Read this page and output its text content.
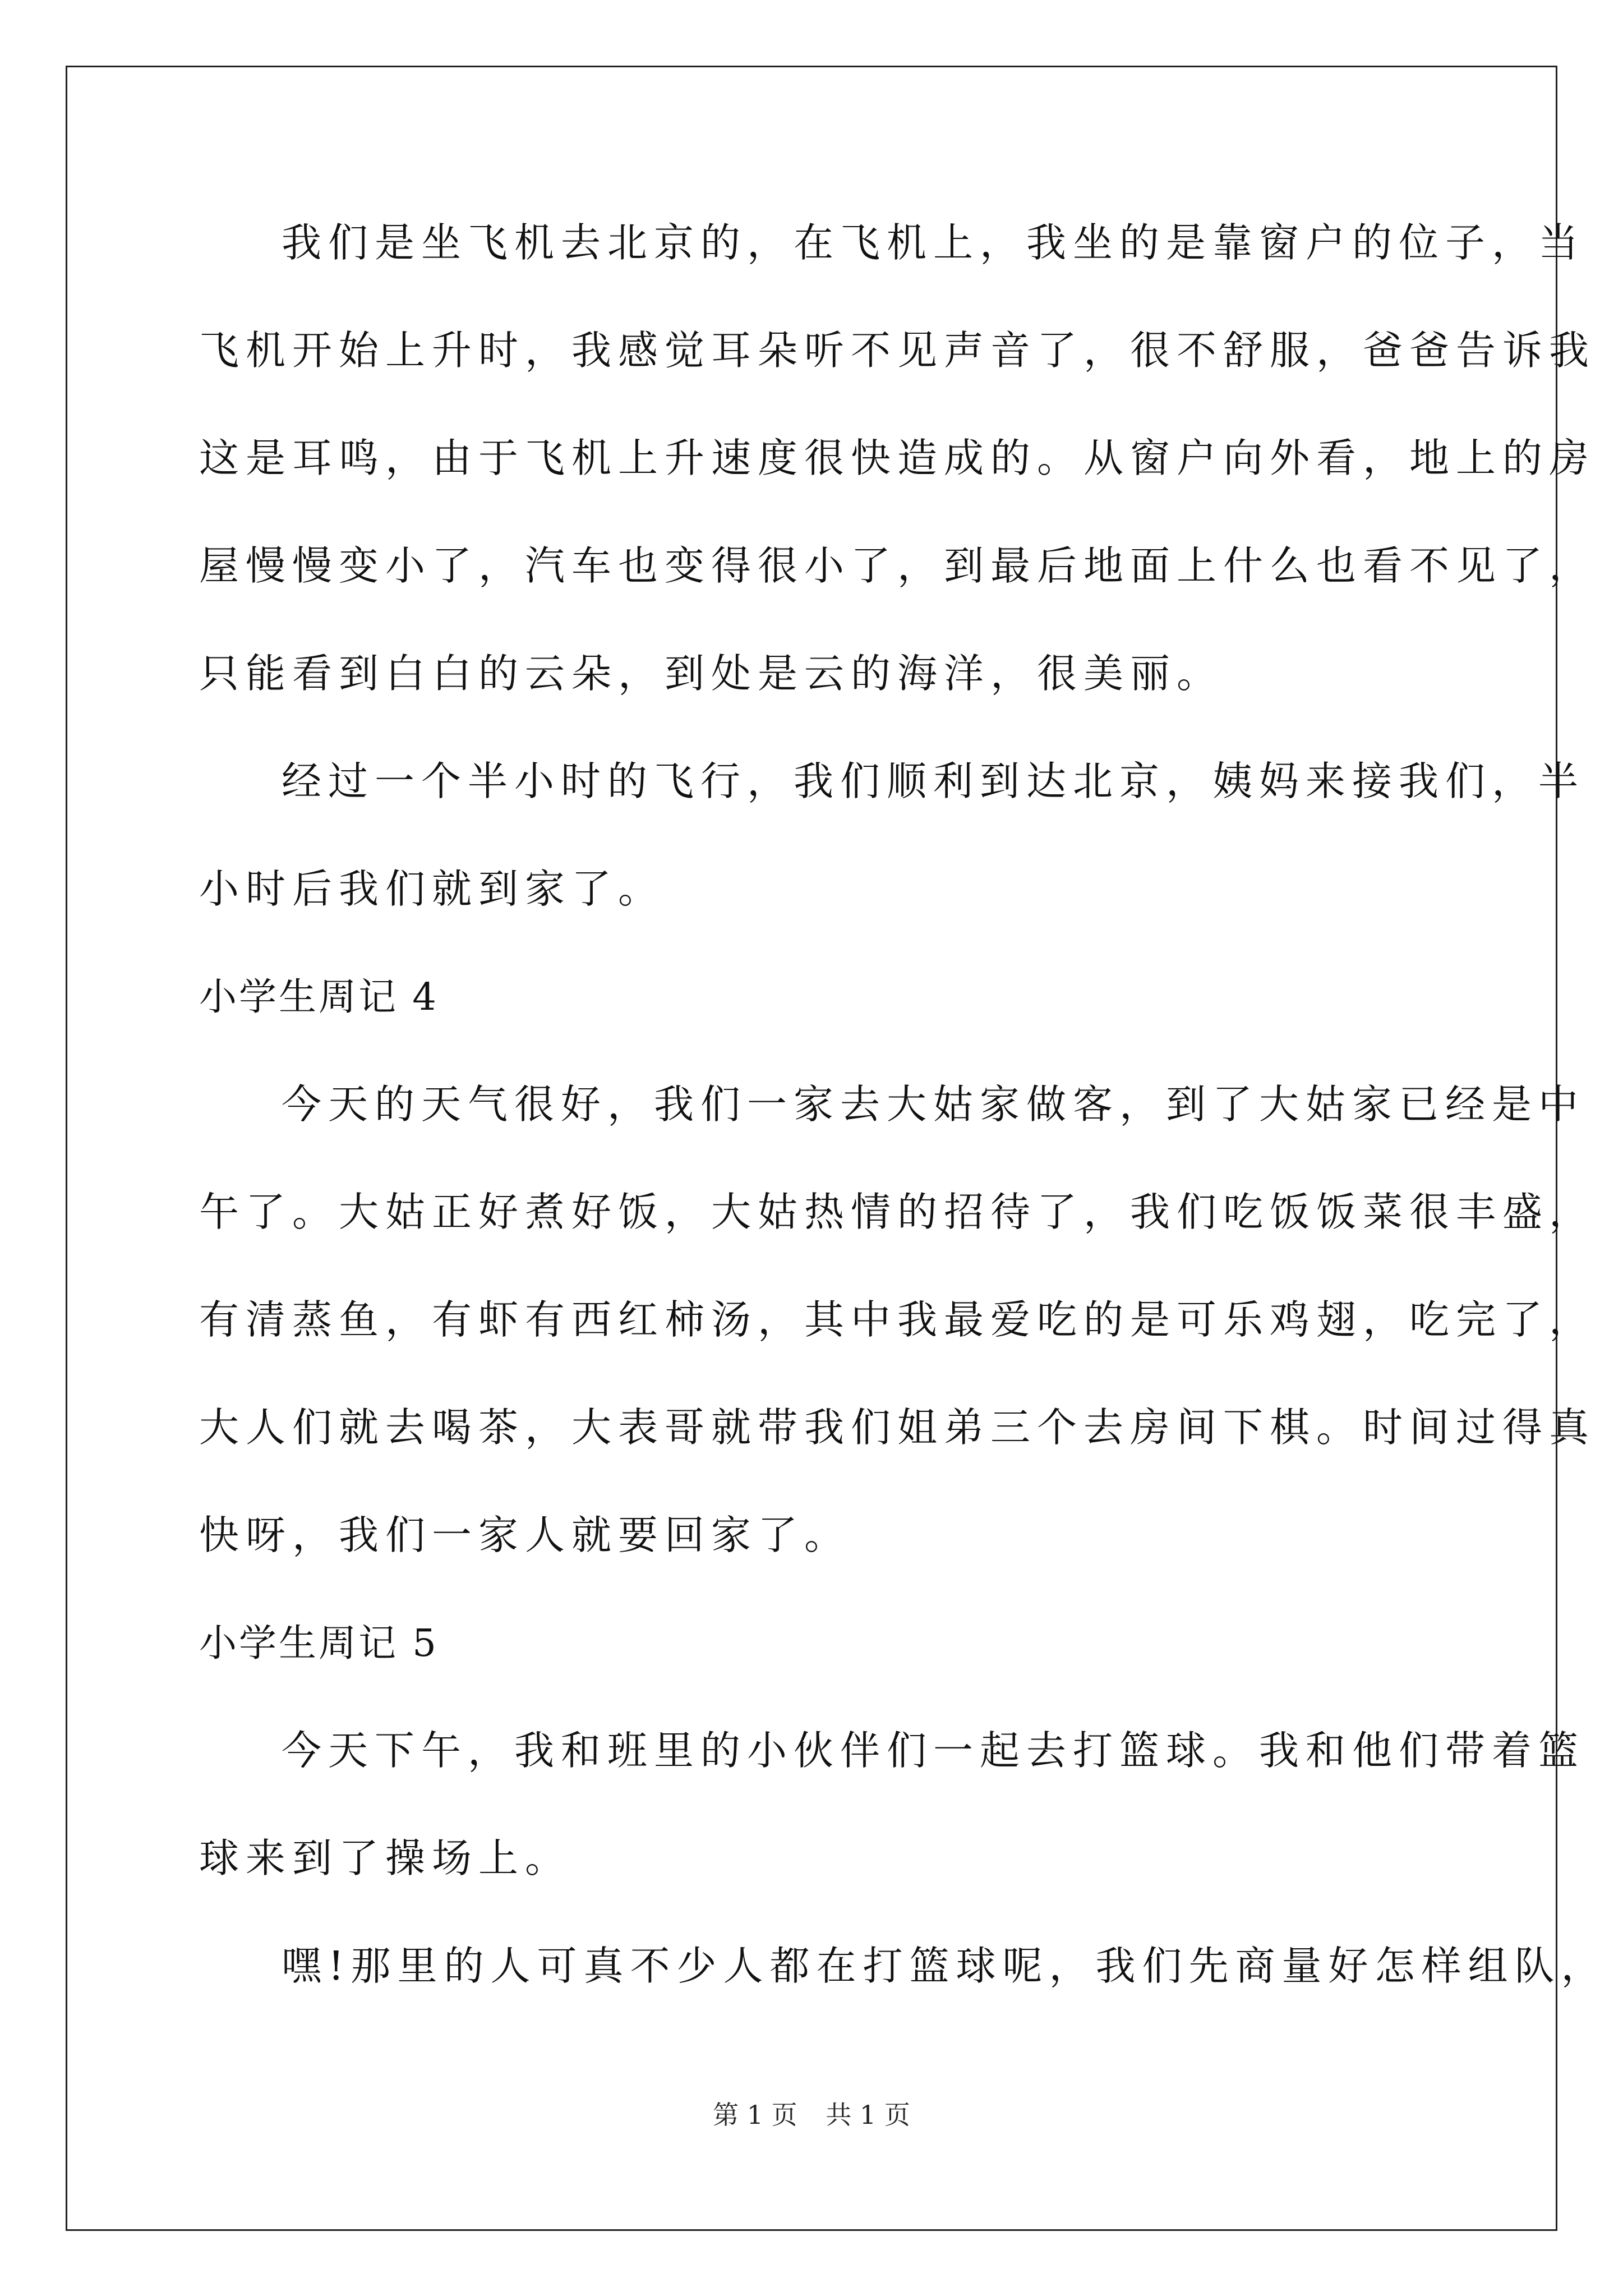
我们是坐飞机去北京的，在飞机上，我坐的是靠窗户的位子，当
飞机开始上升时，我感觉耳朵听不见声音了，很不舒服，爸爸告诉我
这是耳鸣，由于飞机上升速度很快造成的。从窗户向外看，地上的房
屋慢慢变小了，汽车也变得很小了，到最后地面上什么也看不见了，
只能看到白白的云朵，到处是云的海洋，很美丽。
经过一个半小时的飞行，我们顺利到达北京，姨妈来接我们，半
小时后我们就到家了。
小学生周记 4
今天的天气很好，我们一家去大姑家做客，到了大姑家已经是中
午了。大姑正好煮好饭，大姑热情的招待了，我们吃饭饭菜很丰盛，
有清蒸鱼，有虾有西红柿汤，其中我最爱吃的是可乐鸡翅，吃完了，
大人们就去喝茶，大表哥就带我们姐弟三个去房间下棋。时间过得真
快呀，我们一家人就要回家了。
小学生周记 5
今天下午，我和班里的小伙伴们一起去打篮球。我和他们带着篮
球来到了操场上。
嘿!那里的人可真不少人都在打篮球呢，我们先商量好怎样组队，
第 1 页 共 1 页
